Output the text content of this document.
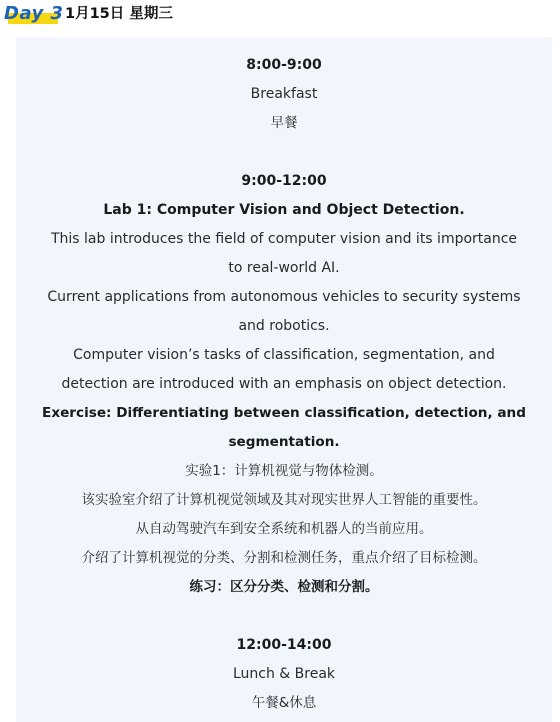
Day 3 1月15日 星期三
8:00-9:00
Breakfast
早餐
9:00-12:00
Lab 1: Computer Vision and Object Detection.
This lab introduces the field of computer vision and its importance
to real-world AI.
Current applications from autonomous vehicles to security systems
and robotics.
Computer vision’s tasks of classification, segmentation, and
detection are introduced with an emphasis on object detection.
Exercise: Differentiating between classification, detection, and
segmentation.
实验1：计算机视觉与物体检测。
该实验室介绍了计算机视觉领域及其对现实世界人工智能的重要性。
从自动驾驶汽车到安全系统和机器人的当前应用。
介绍了计算机视觉的分类、分割和检测任务，重点介绍了目标检测。
练习：区分分类、检测和分割。
12:00-14:00
Lunch & Break
午餐&休息
